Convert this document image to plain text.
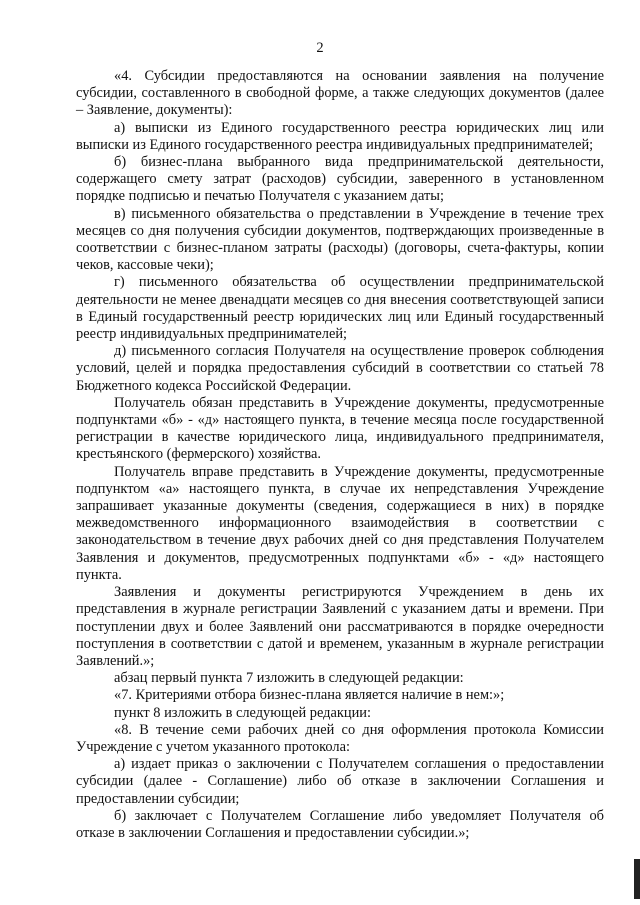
2

«4. Субсидии предоставляются на основании заявления на получение субсидии, составленного в свободной форме, а также следующих документов (далее – Заявление, документы):

а) выписки из Единого государственного реестра юридических лиц или выписки из Единого государственного реестра индивидуальных предпринимателей;

б) бизнес-плана выбранного вида предпринимательской деятельности, содержащего смету затрат (расходов) субсидии, заверенного в установленном порядке подписью и печатью Получателя с указанием даты;

в) письменного обязательства о представлении в Учреждение в течение трех месяцев со дня получения субсидии документов, подтверждающих произведенные в соответствии с бизнес-планом затраты (расходы) (договоры, счета-фактуры, копии чеков, кассовые чеки);

г) письменного обязательства об осуществлении предпринимательской деятельности не менее двенадцати месяцев со дня внесения соответствующей записи в Единый государственный реестр юридических лиц или Единый государственный реестр индивидуальных предпринимателей;

д) письменного согласия Получателя на осуществление проверок соблюдения условий, целей и порядка предоставления субсидий в соответствии со статьей 78 Бюджетного кодекса Российской Федерации.

Получатель обязан представить в Учреждение документы, предусмотренные подпунктами «б» - «д» настоящего пункта, в течение месяца после государственной регистрации в качестве юридического лица, индивидуального предпринимателя, крестьянского (фермерского) хозяйства.

Получатель вправе представить в Учреждение документы, предусмотренные подпунктом «а» настоящего пункта, в случае их непредставления Учреждение запрашивает указанные документы (сведения, содержащиеся в них) в порядке межведомственного информационного взаимодействия в соответствии с законодательством в течение двух рабочих дней со дня представления Получателем Заявления и документов, предусмотренных подпунктами «б» - «д» настоящего пункта.

Заявления и документы регистрируются Учреждением в день их представления в журнале регистрации Заявлений с указанием даты и времени. При поступлении двух и более Заявлений они рассматриваются в порядке очередности поступления в соответствии с датой и временем, указанным в журнале регистрации Заявлений.»;

абзац первый пункта 7 изложить в следующей редакции:

«7. Критериями отбора бизнес-плана является наличие в нем:»;

пункт 8 изложить в следующей редакции:

«8. В течение семи рабочих дней со дня оформления протокола Комиссии Учреждение с учетом указанного протокола:

а) издает приказ о заключении с Получателем соглашения о предоставлении субсидии (далее - Соглашение) либо об отказе в заключении Соглашения и предоставлении субсидии;

б) заключает с Получателем Соглашение либо уведомляет Получателя об отказе в заключении Соглашения и предоставлении субсидии.»;
